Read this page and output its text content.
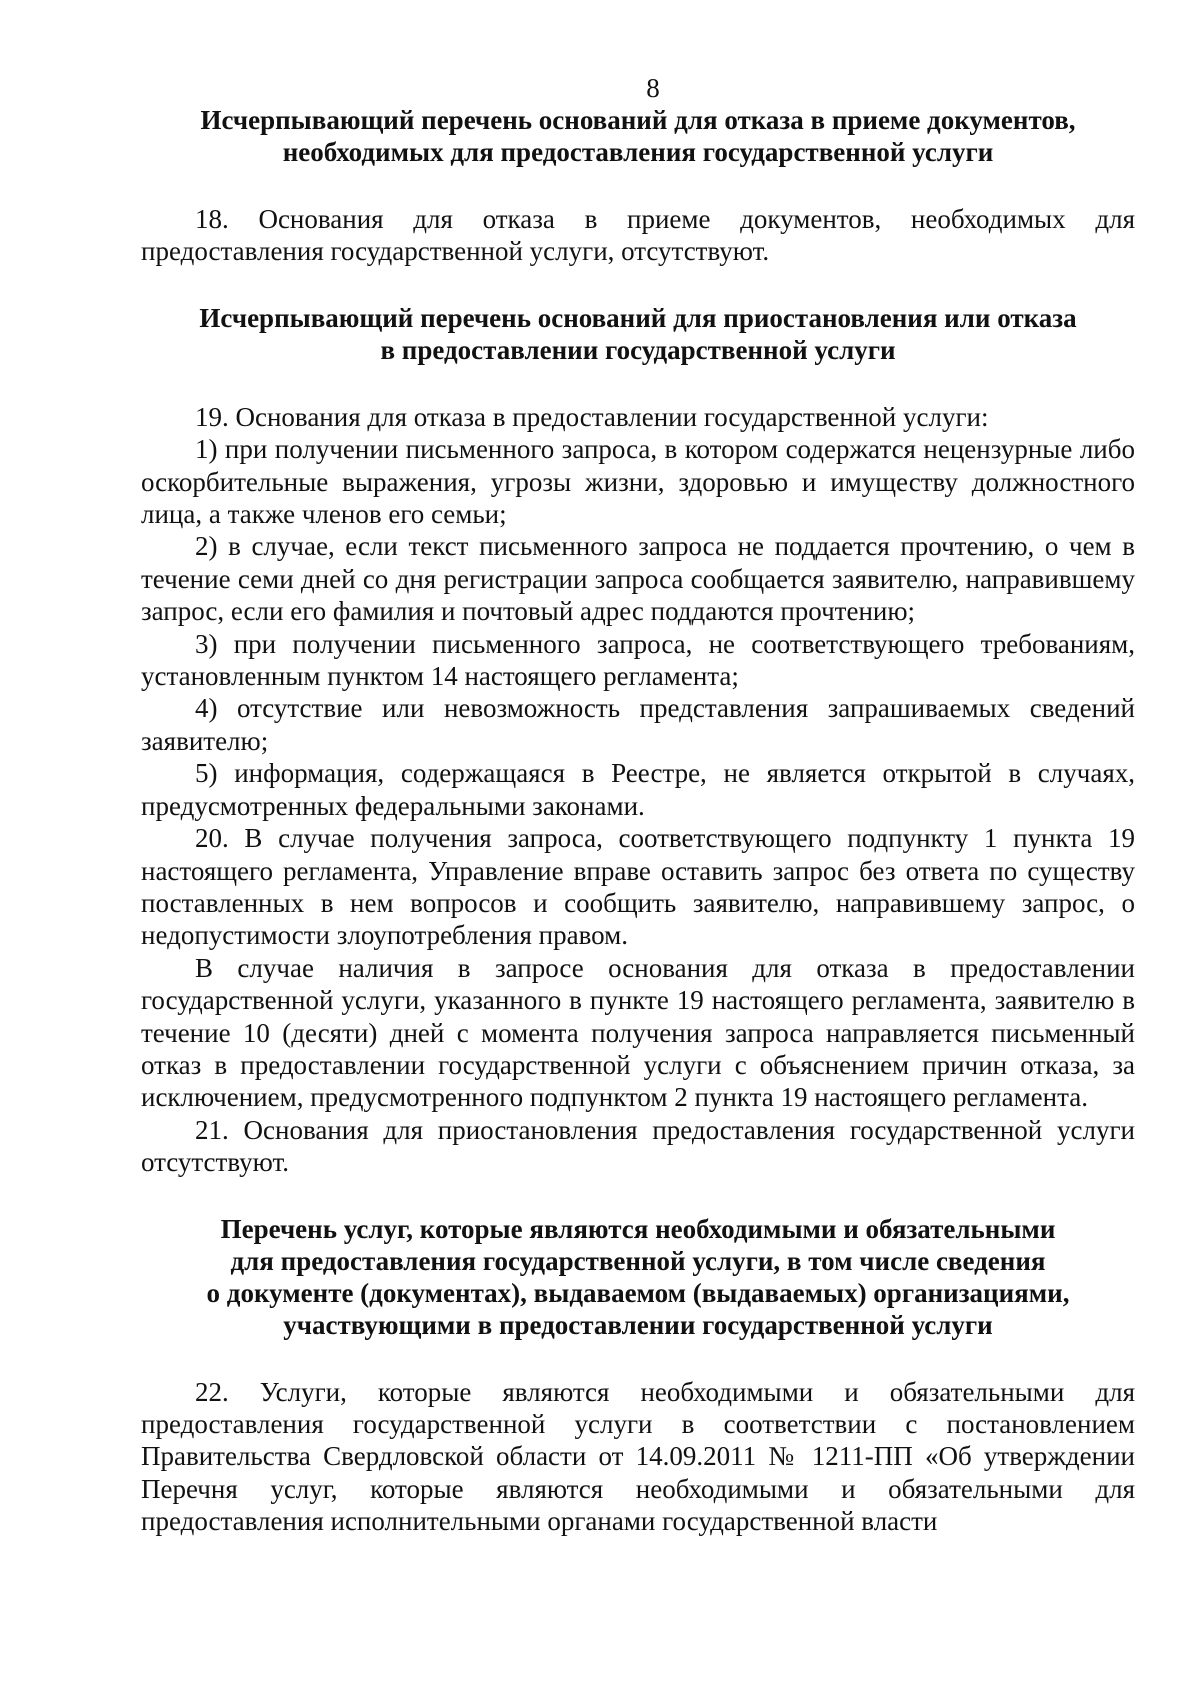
8
Исчерпывающий перечень оснований для отказа в приеме документов,
необходимых для предоставления государственной услуги

18. Основания для отказа в приеме документов, необходимых для предоставления государственной услуги, отсутствуют.

Исчерпывающий перечень оснований для приостановления или отказа
в предоставлении государственной услуги

19. Основания для отказа в предоставлении государственной услуги:

1) при получении письменного запроса, в котором содержатся нецензурные либо оскорбительные выражения, угрозы жизни, здоровью и имуществу должностного лица, а также членов его семьи;

2) в случае, если текст письменного запроса не поддается прочтению, о чем в течение семи дней со дня регистрации запроса сообщается заявителю, направившему запрос, если его фамилия и почтовый адрес поддаются прочтению;

3) при получении письменного запроса, не соответствующего требованиям, установленным пунктом 14 настоящего регламента;

4) отсутствие или невозможность представления запрашиваемых сведений заявителю;

5) информация, содержащаяся в Реестре, не является открытой в случаях, предусмотренных федеральными законами.

20. В случае получения запроса, соответствующего подпункту 1 пункта 19 настоящего регламента, Управление вправе оставить запрос без ответа по существу поставленных в нем вопросов и сообщить заявителю, направившему запрос, о недопустимости злоупотребления правом.

В случае наличия в запросе основания для отказа в предоставлении государственной услуги, указанного в пункте 19 настоящего регламента, заявителю в течение 10 (десяти) дней с момента получения запроса направляется письменный отказ в предоставлении государственной услуги с объяснением причин отказа, за исключением, предусмотренного подпунктом 2 пункта 19 настоящего регламента.

21. Основания для приостановления предоставления государственной услуги отсутствуют.

Перечень услуг, которые являются необходимыми и обязательными
для предоставления государственной услуги, в том числе сведения
о документе (документах), выдаваемом (выдаваемых) организациями,
участвующими в предоставлении государственной услуги

22. Услуги, которые являются необходимыми и обязательными для предоставления государственной услуги в соответствии с постановлением Правительства Свердловской области от 14.09.2011 № 1211-ПП «Об утверждении Перечня услуг, которые являются необходимыми и обязательными для предоставления исполнительными органами государственной власти
